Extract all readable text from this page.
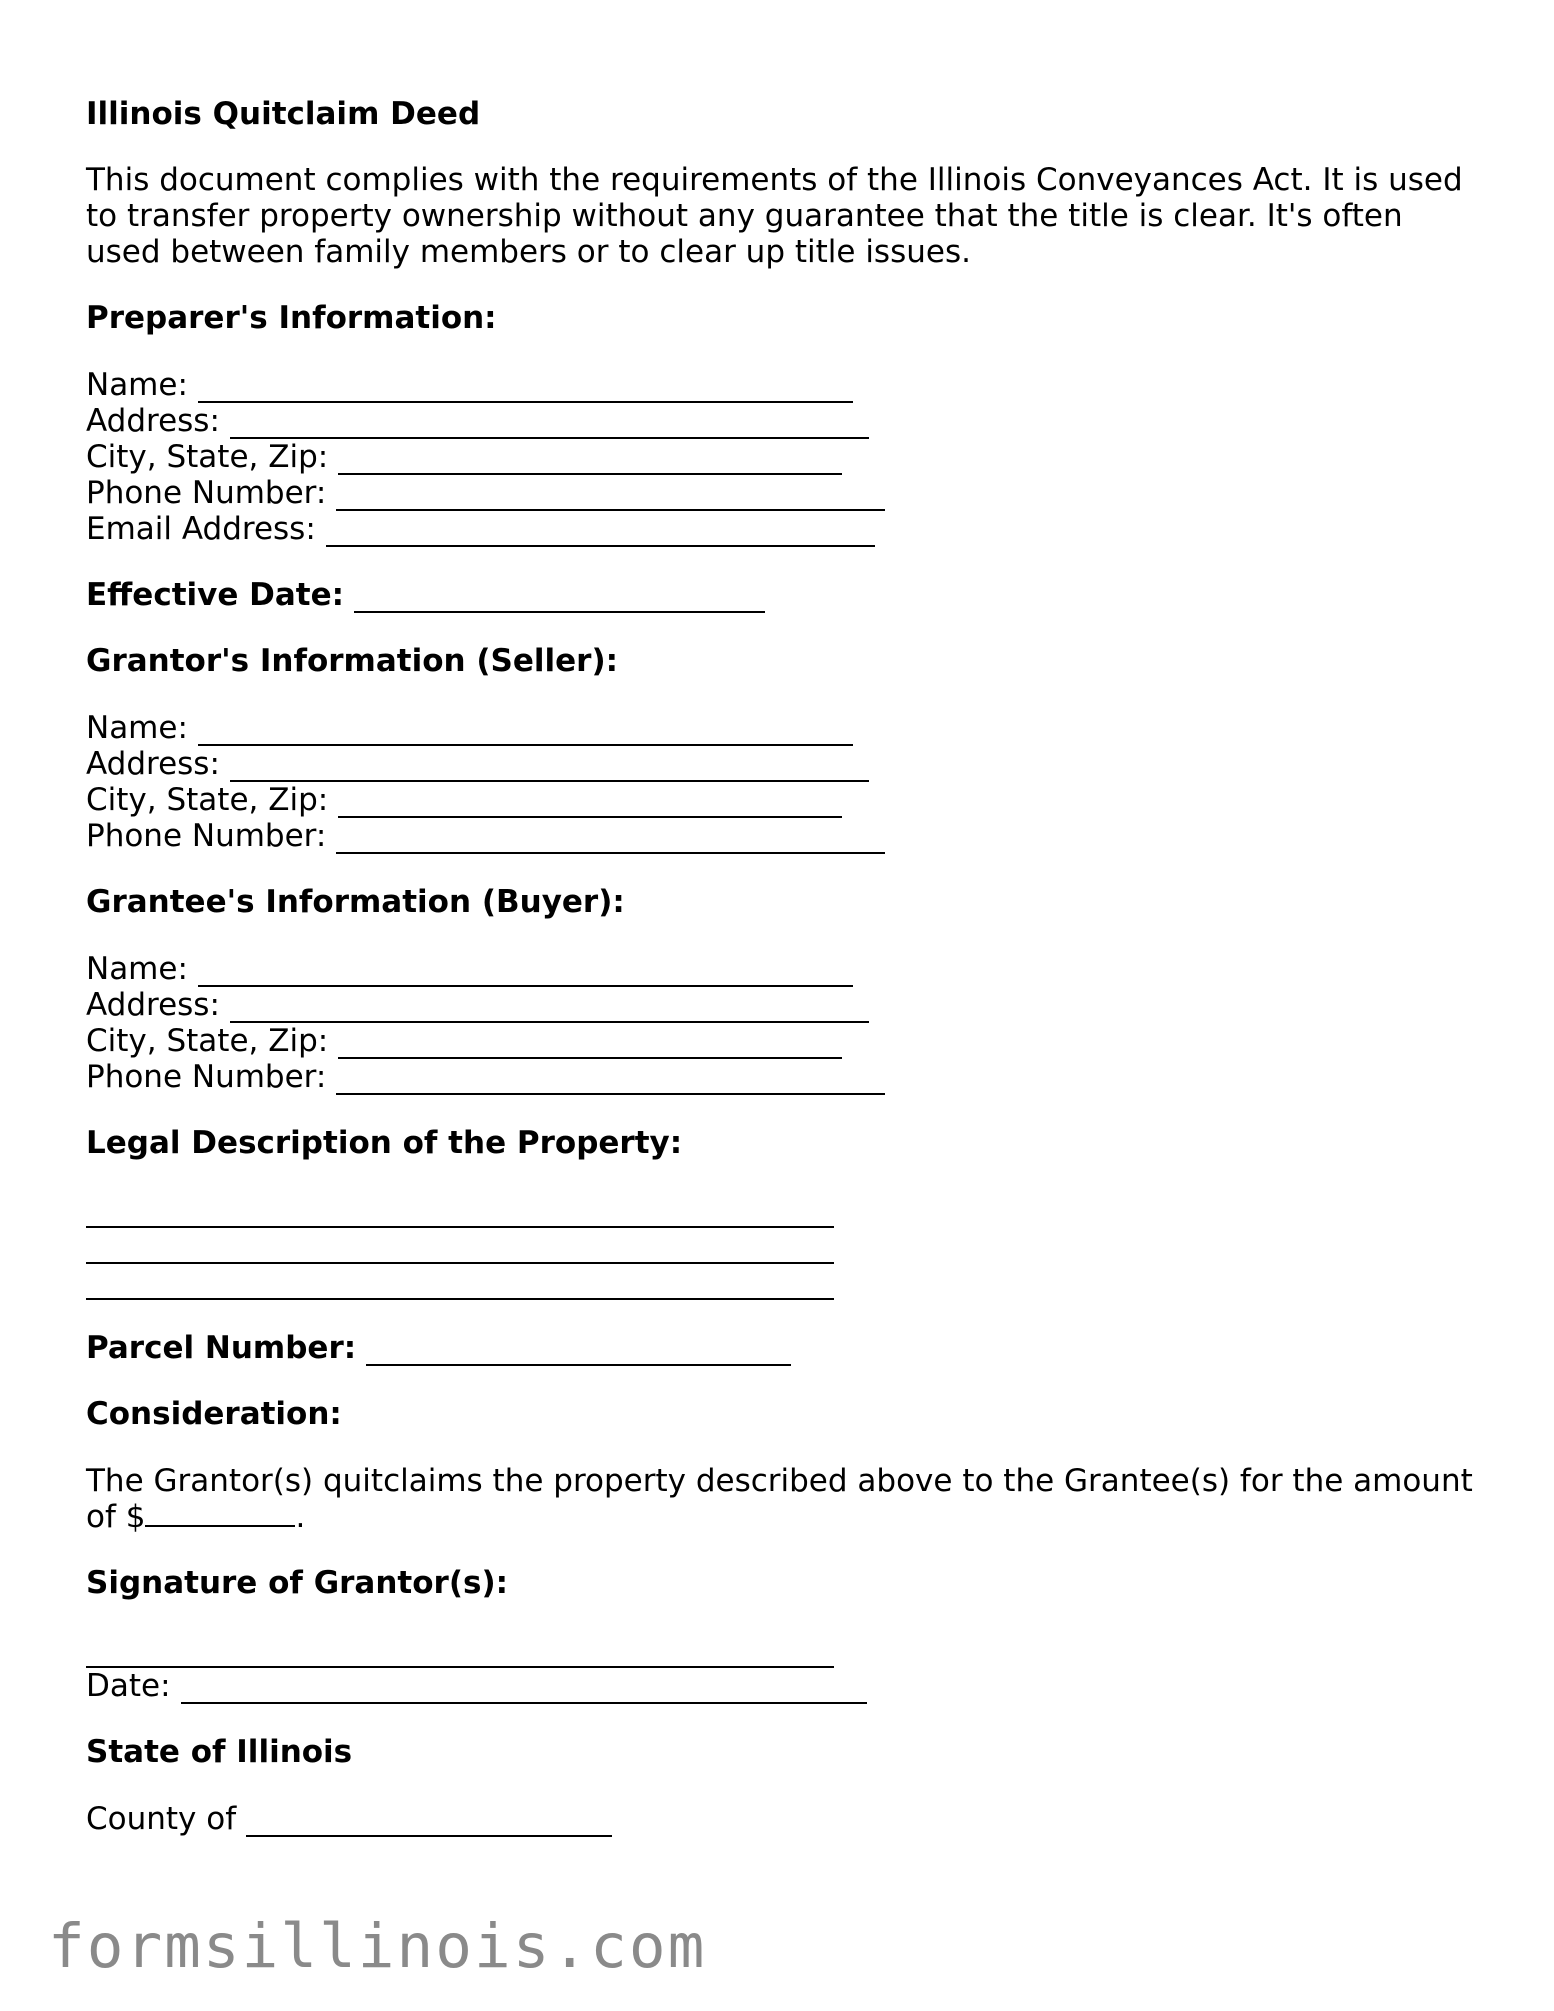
Illinois Quitclaim Deed

This document complies with the requirements of the Illinois Conveyances Act. It is used to transfer property ownership without any guarantee that the title is clear. It's often used between family members or to clear up title issues.

Preparer's Information:

Name:
Address:
City, State, Zip:
Phone Number:
Email Address:
Effective Date:

Grantor's Information (Seller):

Name:
Address:
City, State, Zip:
Phone Number:

Grantee's Information (Buyer):

Name:
Address:
City, State, Zip:
Phone Number:

Legal Description of the Property:

Parcel Number:

Consideration:

The Grantor(s) quitclaims the property described above to the Grantee(s) for the amount of $	.

Signature of Grantor(s):

Date:

State of Illinois

County of
formsillinois.com
